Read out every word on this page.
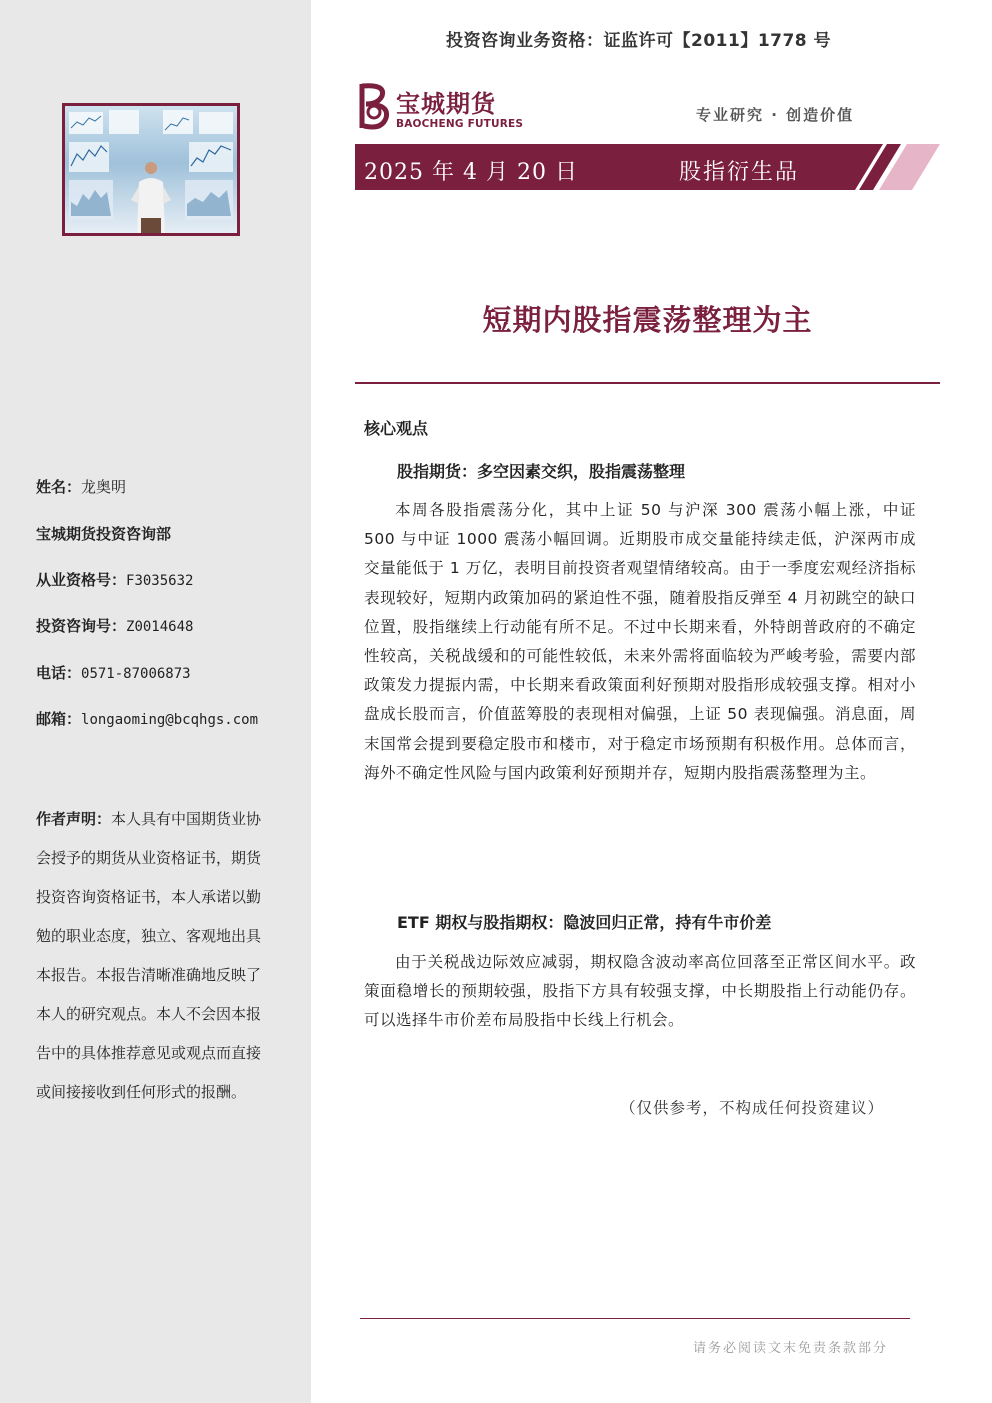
姓名：龙奥明
宝城期货投资咨询部
从业资格号：F3035632
投资咨询号：Z0014648
电话：0571-87006873
邮箱：longaoming@bcqhgs.com
作者声明：本人具有中国期货业协会授予的期货从业资格证书，期货投资咨询资格证书，本人承诺以勤勉的职业态度，独立、客观地出具本报告。本报告清晰准确地反映了本人的研究观点。本人不会因本报告中的具体推荐意见或观点而直接或间接接收到任何形式的报酬。
投资咨询业务资格：证监许可【2011】1778 号
宝城期货
BAOCHENG FUTURES	专业研究 · 创造价值
2025 年 4 月 20 日	股指衍生品
短期内股指震荡整理为主
核心观点
股指期货：多空因素交织，股指震荡整理
本周各股指震荡分化，其中上证 50 与沪深 300 震荡小幅上涨，中证 500 与中证 1000 震荡小幅回调。近期股市成交量能持续走低，沪深两市成交量能低于 1 万亿，表明目前投资者观望情绪较高。由于一季度宏观经济指标表现较好，短期内政策加码的紧迫性不强，随着股指反弹至 4 月初跳空的缺口位置，股指继续上行动能有所不足。不过中长期来看，外特朗普政府的不确定性较高，关税战缓和的可能性较低，未来外需将面临较为严峻考验，需要内部政策发力提振内需，中长期来看政策面利好预期对股指形成较强支撑。相对小盘成长股而言，价值蓝筹股的表现相对偏强，上证 50 表现偏强。消息面，周末国常会提到要稳定股市和楼市，对于稳定市场预期有积极作用。总体而言，海外不确定性风险与国内政策利好预期并存，短期内股指震荡整理为主。
ETF 期权与股指期权：隐波回归正常，持有牛市价差
由于关税战边际效应减弱，期权隐含波动率高位回落至正常区间水平。政策面稳增长的预期较强，股指下方具有较强支撑，中长期股指上行动能仍存。可以选择牛市价差布局股指中长线上行机会。
（仅供参考，不构成任何投资建议）
请务必阅读文末免责条款部分
